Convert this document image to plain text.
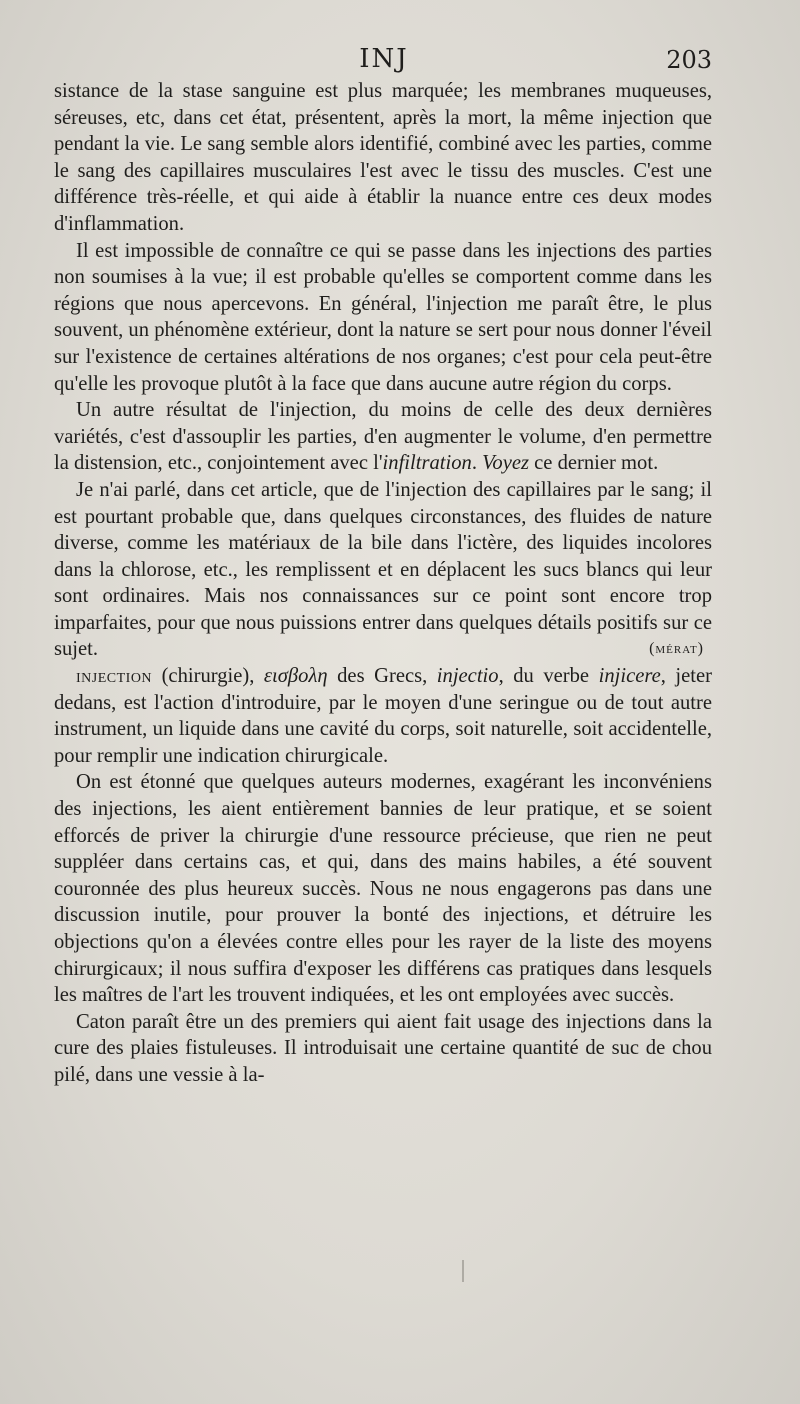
INJ	203

sistance de la stase sanguine est plus marquée; les membranes muqueuses, séreuses, etc, dans cet état, présentent, après la mort, la même injection que pendant la vie. Le sang semble alors identifié, combiné avec les parties, comme le sang des capillaires musculaires l'est avec le tissu des muscles. C'est une différence très-réelle, et qui aide à établir la nuance entre ces deux modes d'inflammation.

Il est impossible de connaître ce qui se passe dans les injections des parties non soumises à la vue; il est probable qu'elles se comportent comme dans les régions que nous apercevons. En général, l'injection me paraît être, le plus souvent, un phénomène extérieur, dont la nature se sert pour nous donner l'éveil sur l'existence de certaines altérations de nos organes; c'est pour cela peut-être qu'elle les provoque plutôt à la face que dans aucune autre région du corps.

Un autre résultat de l'injection, du moins de celle des deux dernières variétés, c'est d'assouplir les parties, d'en augmenter le volume, d'en permettre la distension, etc., conjointement avec l'infiltration. Voyez ce dernier mot.

Je n'ai parlé, dans cet article, que de l'injection des capillaires par le sang; il est pourtant probable que, dans quelques circonstances, des fluides de nature diverse, comme les matériaux de la bile dans l'ictère, des liquides incolores dans la chlorose, etc., les remplissent et en déplacent les sucs blancs qui leur sont ordinaires. Mais nos connaissances sur ce point sont encore trop imparfaites, pour que nous puissions entrer dans quelques détails positifs sur ce sujet.	(mérat)

injection (chirurgie), εισβολη des Grecs, injectio, du verbe injicere, jeter dedans, est l'action d'introduire, par le moyen d'une seringue ou de tout autre instrument, un liquide dans une cavité du corps, soit naturelle, soit accidentelle, pour remplir une indication chirurgicale.

On est étonné que quelques auteurs modernes, exagérant les inconvéniens des injections, les aient entièrement bannies de leur pratique, et se soient efforcés de priver la chirurgie d'une ressource précieuse, que rien ne peut suppléer dans certains cas, et qui, dans des mains habiles, a été souvent couronnée des plus heureux succès. Nous ne nous engagerons pas dans une discussion inutile, pour prouver la bonté des injections, et détruire les objections qu'on a élevées contre elles pour les rayer de la liste des moyens chirurgicaux; il nous suffira d'exposer les différens cas pratiques dans lesquels les maîtres de l'art les trouvent indiquées, et les ont employées avec succès.

Caton paraît être un des premiers qui aient fait usage des injections dans la cure des plaies fistuleuses. Il introduisait une certaine quantité de suc de chou pilé, dans une vessie à la-
